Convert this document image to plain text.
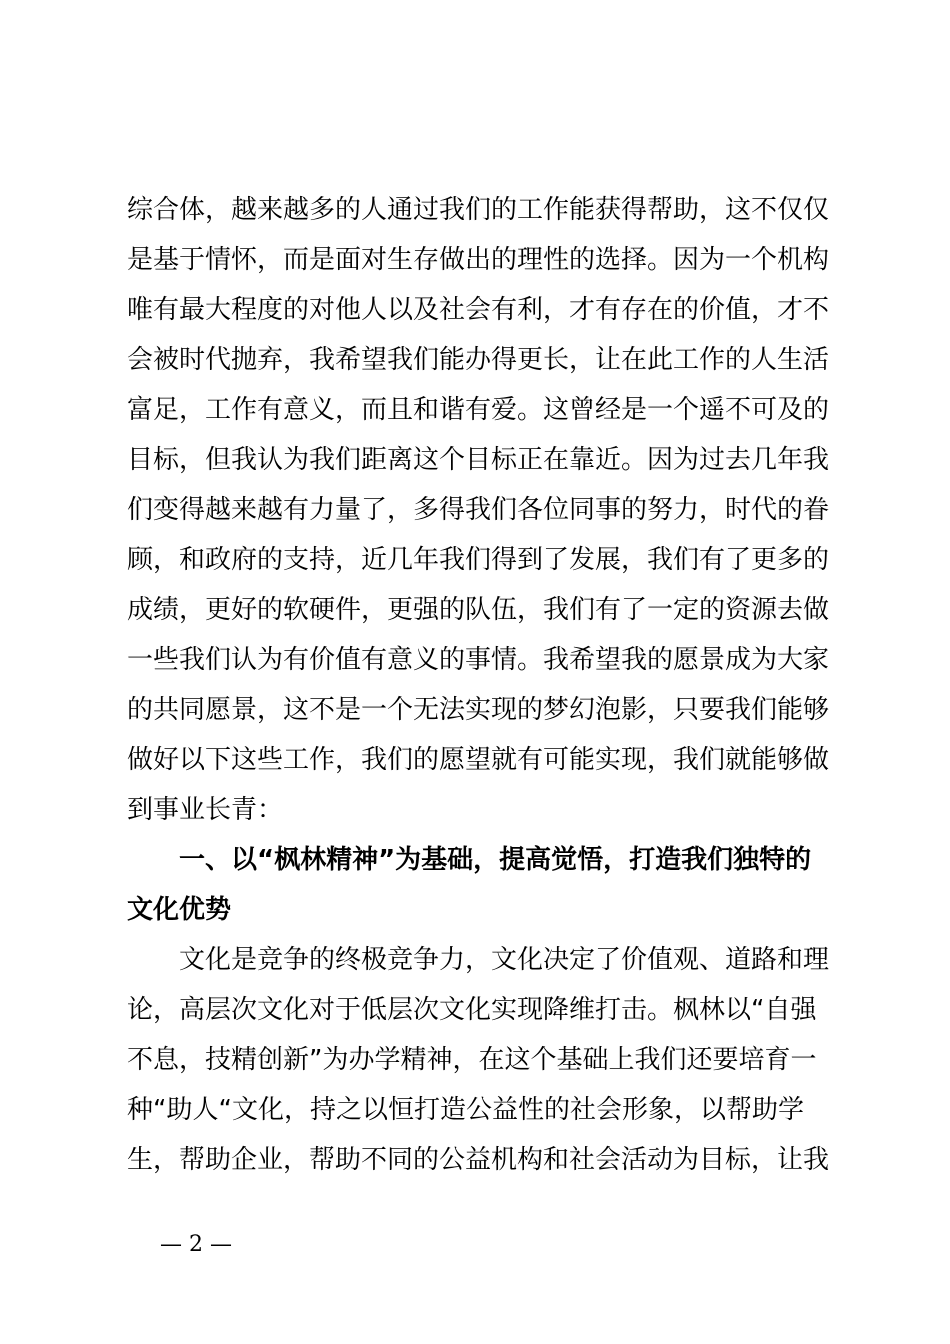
综合体，越来越多的人通过我们的工作能获得帮助，这不仅仅
是基于情怀，而是面对生存做出的理性的选择。因为一个机构
唯有最大程度的对他人以及社会有利，才有存在的价值，才不
会被时代抛弃，我希望我们能办得更长，让在此工作的人生活
富足，工作有意义，而且和谐有爱。这曾经是一个遥不可及的
目标，但我认为我们距离这个目标正在靠近。因为过去几年我
们变得越来越有力量了，多得我们各位同事的努力，时代的眷
顾，和政府的支持，近几年我们得到了发展，我们有了更多的
成绩，更好的软硬件，更强的队伍，我们有了一定的资源去做
一些我们认为有价值有意义的事情。我希望我的愿景成为大家
的共同愿景，这不是一个无法实现的梦幻泡影，只要我们能够
做好以下这些工作，我们的愿望就有可能实现，我们就能够做
到事业长青：
　　一、以“枫林精神”为基础，提高觉悟，打造我们独特的
文化优势
　　文化是竞争的终极竞争力，文化决定了价值观、道路和理
论，高层次文化对于低层次文化实现降维打击。枫林以“自强
不息，技精创新”为办学精神，在这个基础上我们还要培育一
种“助人“文化，持之以恒打造公益性的社会形象，以帮助学
生，帮助企业，帮助不同的公益机构和社会活动为目标，让我
— 2 —
